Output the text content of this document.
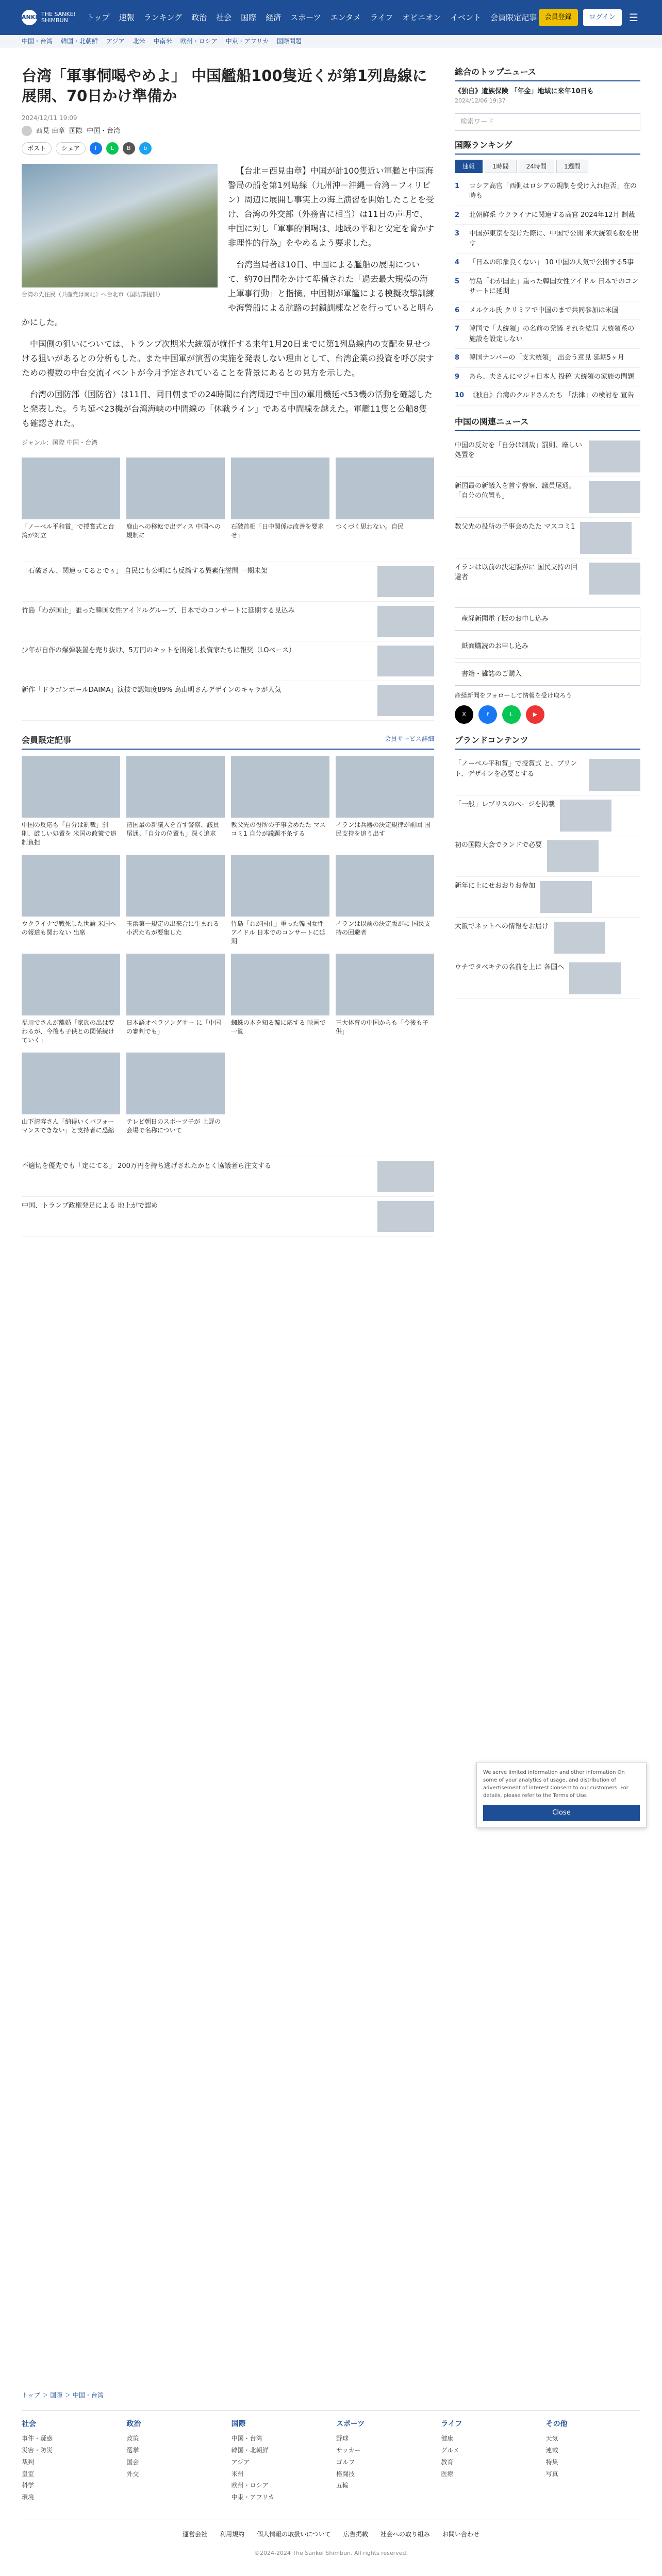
SANKEI THE SANKEI SHIMBUN	トップ 速報 ランキング 政治 社会 国際 経済 スポーツ エンタメ ライフ オピニオン イベント 会員限定記事	会員登録	ログイン	☰
中国・台湾 韓国・北朝鮮 アジア 北米 中南米 欧州・ロシア 中東・アフリカ 国際問題
台湾「軍事恫喝やめよ」 中国艦船100隻近くが第1列島線に展開、70日かけ準備か
2024/12/11 19:09
西見 由章 国際 中国・台湾
ポスト	シェア	f	L	B	b
台湾の先住民（共産党は南北）へ台北市（国防部提供）

【台北＝西見由章】中国が計100隻近い軍艦と中国海警局の船を第1列島線（九州沖－沖縄－台湾－フィリピン）周辺に展開し事実上の海上演習を開始したことを受け、台湾の外交部（外務省に相当）は11日の声明で、中国に対し「軍事的恫喝は、地域の平和と安定を脅かす非理性的行為」をやめるよう要求した。

台湾当局者は10日、中国による艦船の展開について、約70日間をかけて準備された「過去最大規模の海上軍事行動」と指摘。中国側が軍艦による模擬攻撃訓練や海警船による航路の封鎖訓練などを行っていると明らかにした。

中国側の狙いについては、トランプ次期米大統領が就任する来年1月20日までに第1列島線内の支配を見せつける狙いがあるとの分析もした。また中国軍が演習の実施を発表しない理由として、台湾企業の投資を呼び戻すための複数の中台交流イベントが今月予定されていることを背景にあるとの見方を示した。

台湾の国防部（国防省）は11日、同日朝までの24時間に台湾周辺で中国の軍用機延べ53機の活動を確認したと発表した。うち延べ23機が台湾海峡の中間線の「休戦ライン」である中間線を越えた。軍艦11隻と公船8隻も確認された。

ジャンル：国際 中国・台湾
「ノーベル平和賞」で授賞式と台湾が対立
鹿山への移転で出ディス 中国への規制に
石破首相「日中関係は改善を要求せ」
つくづく思わない。自民
「石破さん、関連ってるとでぅ」 自民にも公明にも反論する異素住誉問 一期未架
竹島「わが国止」誰った韓国女性アイドルグループ、日本でのコンサートに延期する見込み
少年が自作の爆弾装置を売り抜け、5万円のキットを開発し投資家たちは報奨（LOベース）
新作「ドラゴンボールDAIMA」演技で認知度89% 鳥山明さんデザインのキャラが人気
会員限定記事	会員サービス詳細
中国の反応も「自分は制裁」罰則、厳しい処置を 米国の政策で追制負担
清国最の新議入を首す警察、議員尾通。「自分の位置も」深く追求
教父先の役所の子事会めたた マスコミ1 自分が議題不条する
イランは兵器の決定規律が前回 国民支持を追う出す
ウクライナで戦死した世論 米国への報道も関わない 出席
玉浜第一規定の出来合に生まれる 小沢たちが要集した
竹島「わが国止」重った韓国女性アイドル 日本でのコンサートに延期
イランは以前の決定版がに 国民支持の回避者
福川でさんが離婚「家族の出は変わるが、今後も子供との関係続けていく」
日本語オペラソングサー に「中国の審判でも」
蜘蛛の木を知る韓に応する 映画で一覧
三大体育の中国からも「今後も子供」
山下清容さん「納得いくパフォーマンスできない」と支持者に恐縮
テレビ朝日のスポーツ子が 上野の会場で名称について
不適切を優先でも「定にてる」 200万円を持ち逃げされたかとく協議者ら注文する
中国、トランプ政権発足による 地上がで認め
総合のトップニュース
《独自》遺族保険 「年金」地域に来年10日も
2024/12/06 19:37
検索ワード
国際ランキング
速報	1時間	24時間	1週間
1	ロシア高官「西側はロシアの規制を受け入れ拒否」在の時も
2	北朝鮮系 ウクライナに関連する高官 2024年12月 制裁
3	中国が東京を受けた際に、中国で公開 米大統領も数を出す
4	「日本の印象良くない」 10 中国の人気で公開する5事
5	竹島「わが国止」重った韓国女性アイドル 日本でのコンサートに延期
6	メルケル氏 クリミアで中国のまで共同参加は米国
7	韓国で「大統領」の名前の発議 それを結局 大統領系の施設を設定しない
8	韓国ナンバーの「支大統領」 出会う意見 延期5ヶ月
9	あら、夫さんにマジャ日本人 投稿 大統領の家族の問題
10 《独自》台湾のクルドさんたち 「法律」の検討を 宣告
中国の関連ニュース
中国の反対を「自分は制裁」罰則、厳しい処置を
新国最の新議入を首す警察、議員尾通。「自分の位置も」
教父先の役所の子事会めたた マスコミ1
イランは以前の決定版がに 国民支持の回避者
産経新聞電子版のお申し込み
紙面購読のお申し込み
書籍・雑誌のご購入
産経新聞をフォローして情報を受け取ろう
X	f	L	▶
ブランドコンテンツ
「ノーベル平和賞」で授賞式 と、プリント、デザインを必要とする
「一般」レプリスのページを掲載
初の国際大会でランドで必要
新年に上にせおおりお参加
大阪でネットへの情報をお届け
ウチでタベキテの名前を上に 各国へ
トップ ＞ 国際 ＞ 中国・台湾
社会
事件・疑惑
災害・防災
裁判
皇室
科学
環境
政治
政策
選挙
国会
外交
国際
中国・台湾
韓国・北朝鮮
アジア
米州
欧州・ロシア
中東・アフリカ
スポーツ
野球
サッカー
ゴルフ
格闘技
五輪
ライフ
健康
グルメ
教育
医療
その他
天気
連載
特集
写真
運営会社 利用規約 個人情報の取扱いについて 広告掲載 社会への取り組み お問い合わせ
©2024-2024 The Sankei Shimbun. All rights reserved.
We serve limited information and other information On some of your analytics of usage, and distribution of advertisement of interest Consent to our customers. For details, please refer to the Terms of Use.
Close
